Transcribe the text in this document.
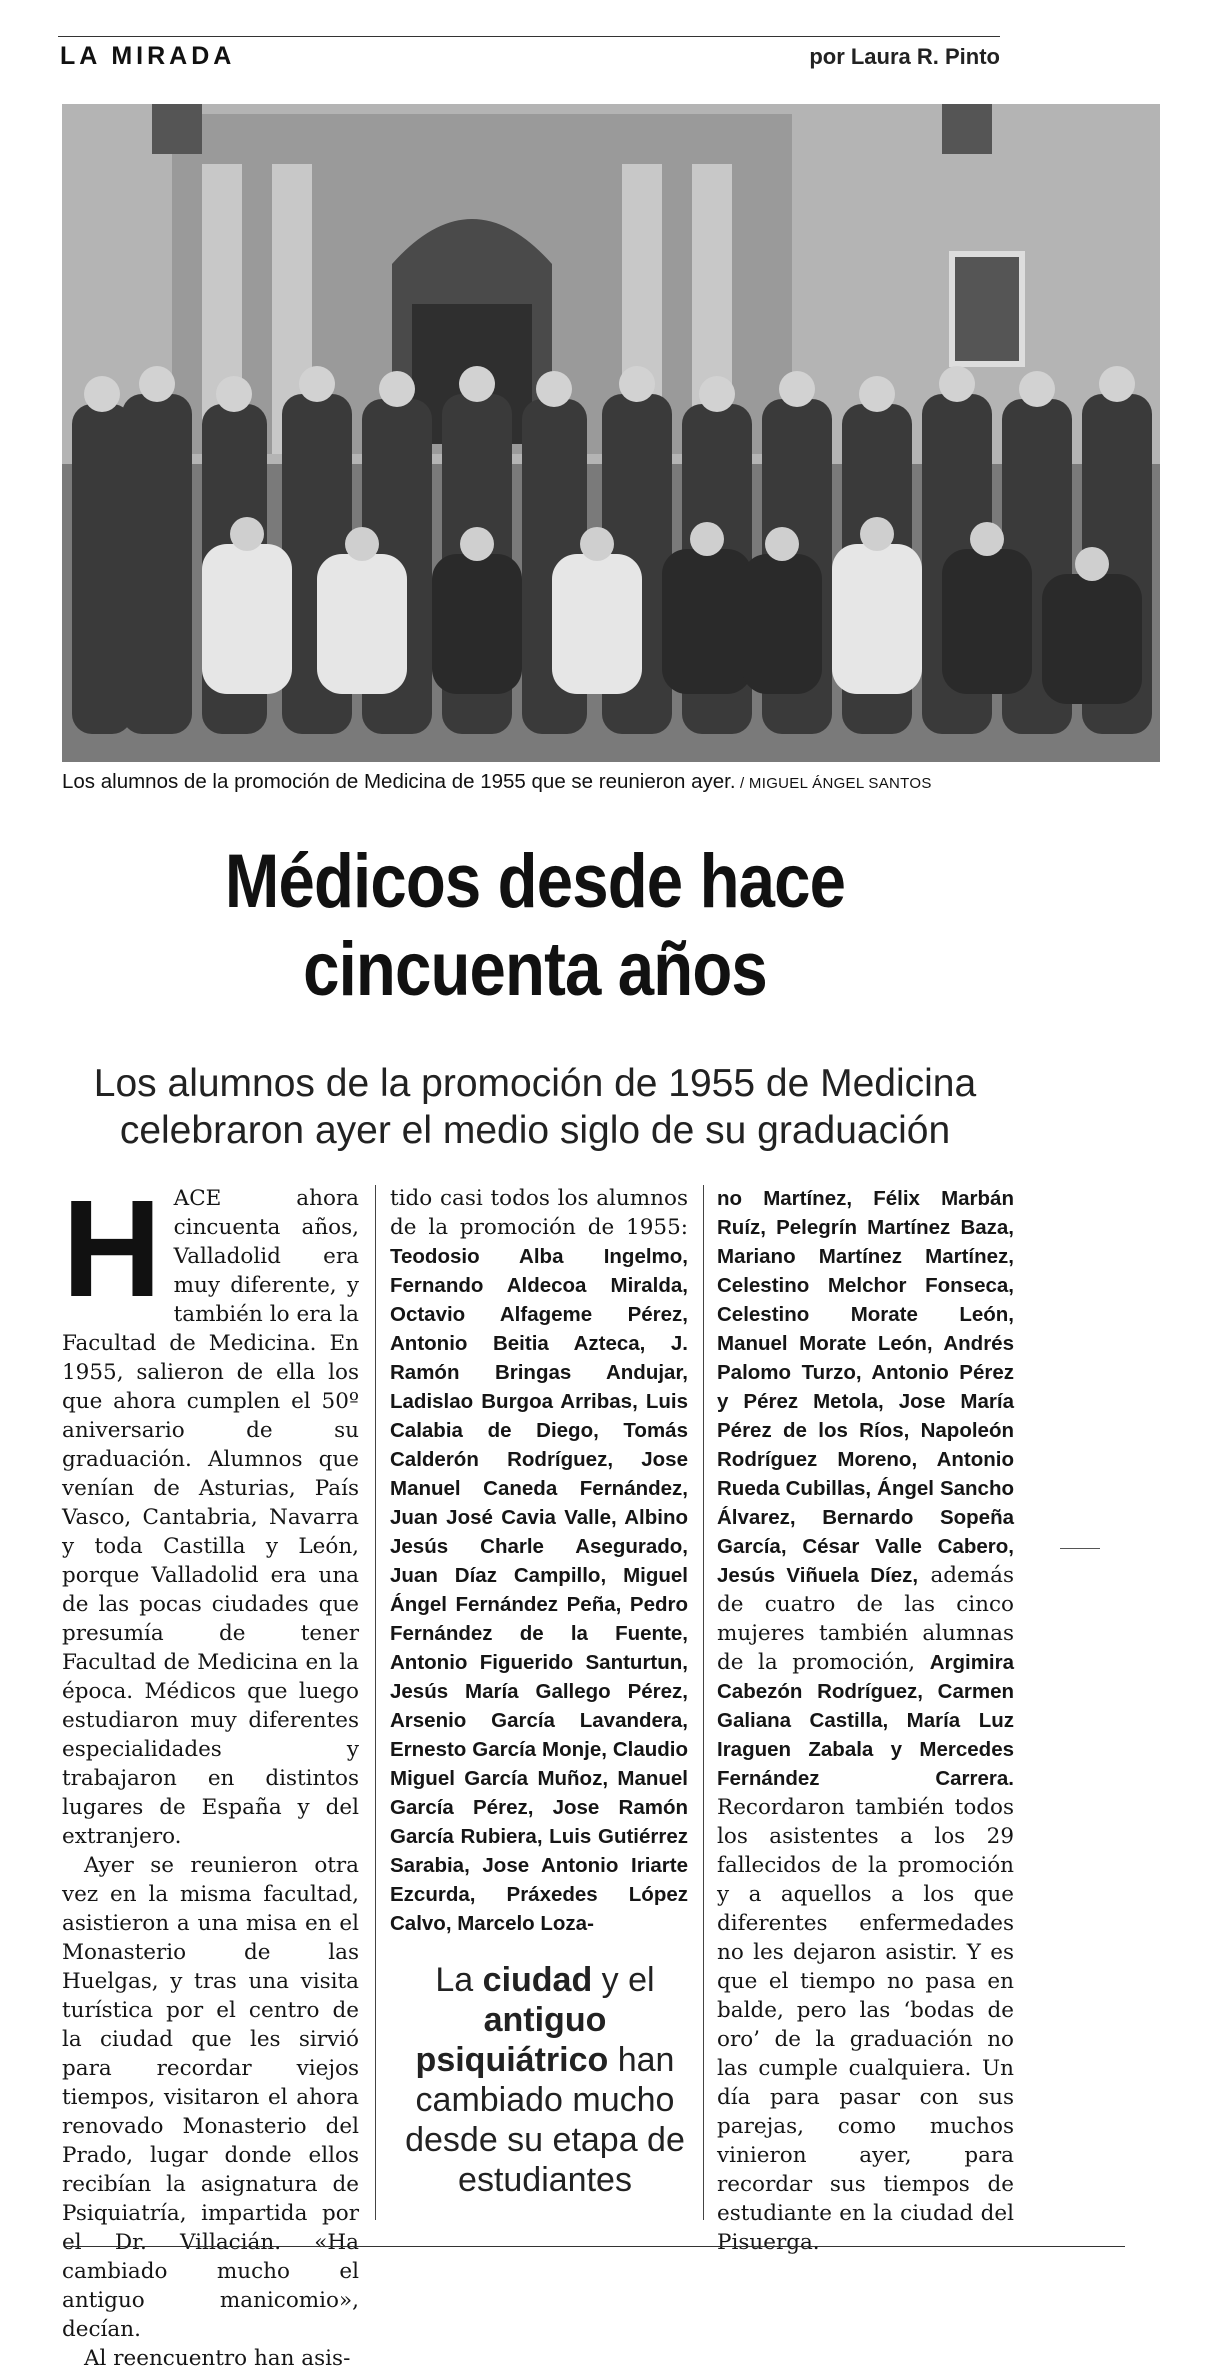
LA MIRADA	por Laura R. Pinto
Los alumnos de la promoción de Medicina de 1955 que se reunieron ayer. / MIGUEL ÁNGEL SANTOS
Médicos desde hace
cincuenta años
Los alumnos de la promoción de 1955 de Medicina celebraron ayer el medio siglo de su graduación

HACE ahora cincuenta años, Valladolid era muy diferente, y también lo era la Facultad de Medicina. En 1955, salieron de ella los que ahora cumplen el 50º aniversario de su graduación. Alumnos que venían de Asturias, País Vasco, Cantabria, Navarra y toda Castilla y León, porque Valladolid era una de las pocas ciudades que presumía de tener Facultad de Medicina en la época. Médicos que luego estudiaron muy diferentes especialidades y trabajaron en distintos lugares de España y del extranjero.

Ayer se reunieron otra vez en la misma facultad, asistieron a una misa en el Monasterio de las Huelgas, y tras una visita turística por el centro de la ciudad que les sirvió para recordar viejos tiempos, visitaron el ahora renovado Monasterio del Prado, lugar donde ellos recibían la asignatura de Psiquiatría, impartida por el Dr. Villacián. «Ha cambiado mucho el antiguo manicomio», decían.

Al reencuentro han asis-

tido casi todos los alumnos de la promoción de 1955: Teodosio Alba Ingelmo, Fernando Aldecoa Miralda, Octavio Alfageme Pérez, Antonio Beitia Azteca, J. Ramón Bringas Andujar, Ladislao Burgoa Arribas, Luis Calabia de Diego, Tomás Calderón Rodríguez, Jose Manuel Caneda Fernández, Juan José Cavia Valle, Albino Jesús Charle Asegurado, Juan Díaz Campillo, Miguel Ángel Fernández Peña, Pedro Fernández de la Fuente, Antonio Figuerido Santurtun, Jesús María Gallego Pérez, Arsenio García Lavandera, Ernesto García Monje, Claudio Miguel García Muñoz, Manuel García Pérez, Jose Ramón García Rubiera, Luis Gutiérrez Sarabia, Jose Antonio Iriarte Ezcurda, Práxedes López Calvo, Marcelo Loza-

La ciudad y el antiguo psiquiátrico han cambiado mucho desde su etapa de estudiantes

no Martínez, Félix Marbán Ruíz, Pelegrín Martínez Baza, Mariano Martínez Martínez, Celestino Melchor Fonseca, Celestino Morate León, Manuel Morate León, Andrés Palomo Turzo, Antonio Pérez y Pérez Metola, Jose María Pérez de los Ríos, Napoleón Rodríguez Moreno, Antonio Rueda Cubillas, Ángel Sancho Álvarez, Bernardo Sopeña García, César Valle Cabero, Jesús Viñuela Díez, además de cuatro de las cinco mujeres también alumnas de la promoción, Argimira Cabezón Rodríguez, Carmen Galiana Castilla, María Luz Iraguen Zabala y Mercedes Fernández Carrera. Recordaron también todos los asistentes a los 29 fallecidos de la promoción y a aquellos a los que diferentes enfermedades no les dejaron asistir. Y es que el tiempo no pasa en balde, pero las ‘bodas de oro’ de la graduación no las cumple cualquiera. Un día para pasar con sus parejas, como muchos vinieron ayer, para recordar sus tiempos de estudiante en la ciudad del Pisuerga.
